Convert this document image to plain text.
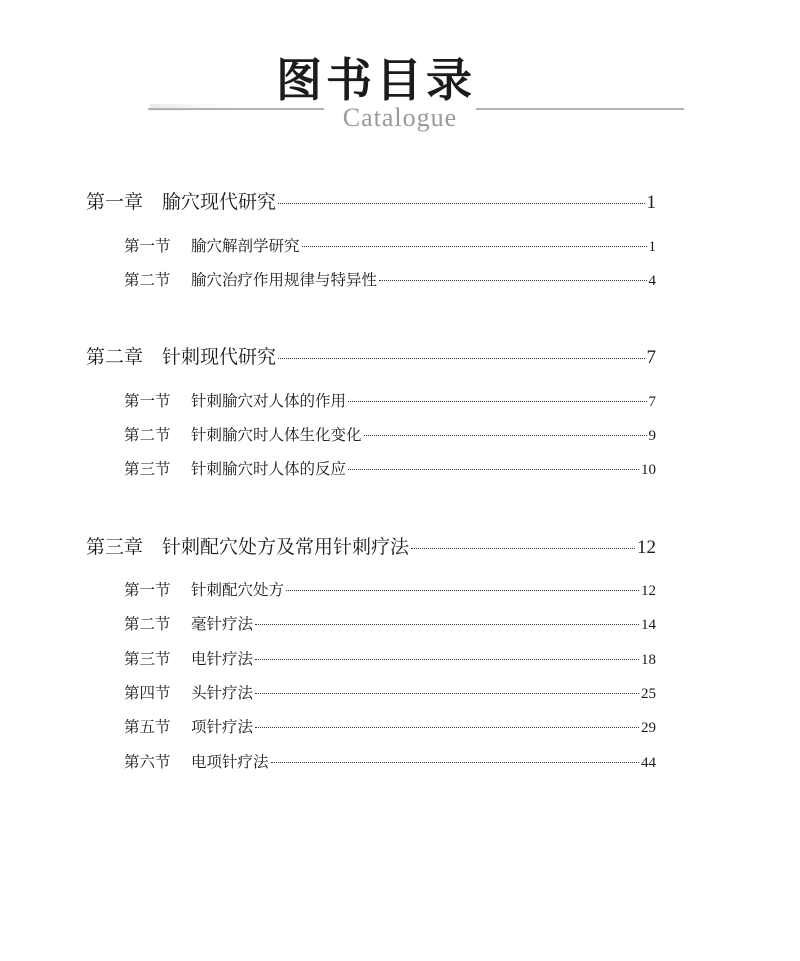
图书目录
Catalogue
第一章 腧穴现代研究	1
第一节	腧穴解剖学研究	1
第二节	腧穴治疗作用规律与特异性	4
第二章 针刺现代研究	7
第一节	针刺腧穴对人体的作用	7
第二节	针刺腧穴时人体生化变化	9
第三节	针刺腧穴时人体的反应	10
第三章 针刺配穴处方及常用针刺疗法	12
第一节	针刺配穴处方	12
第二节	毫针疗法	14
第三节	电针疗法	18
第四节	头针疗法	25
第五节	项针疗法	29
第六节	电项针疗法	44
